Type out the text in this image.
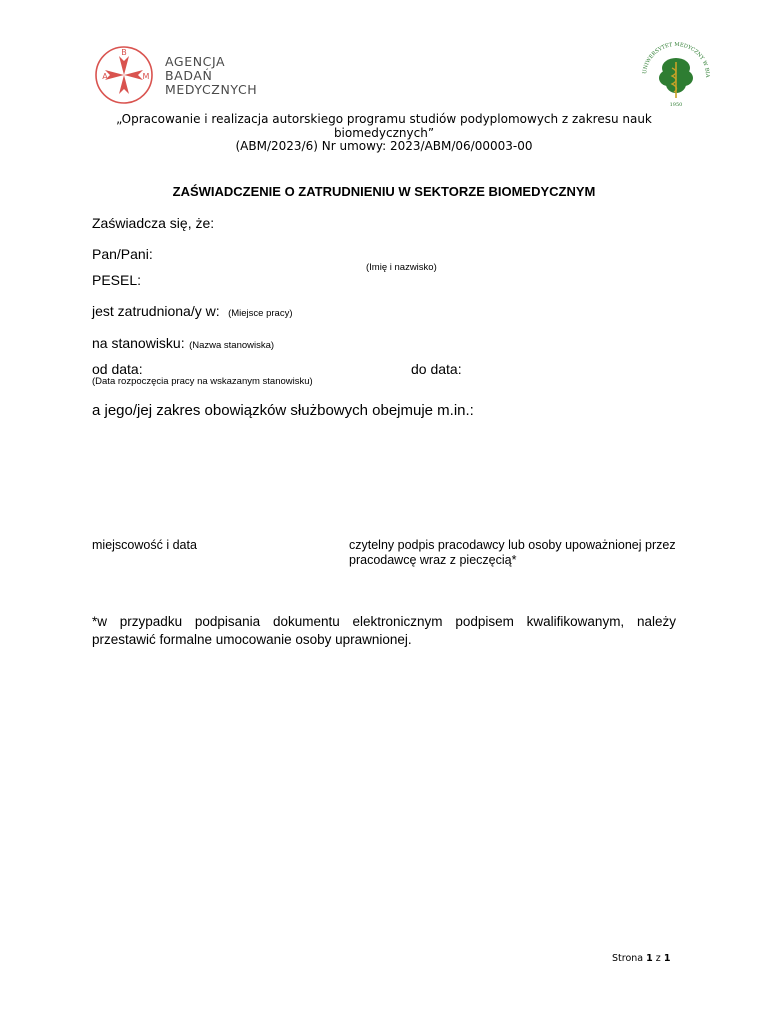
B
A	M
AGENCJA
BADAŃ
MEDYCZNYCH
UNIWERSYTET MEDYCZNY W BIA
1950
„Opracowanie i realizacja autorskiego programu studiów podyplomowych z zakresu nauk
biomedycznych”
(ABM/2023/6) Nr umowy: 2023/ABM/06/00003-00
ZAŚWIADCZENIE O ZATRUDNIENIU W SEKTORZE BIOMEDYCZNYM
Zaświadcza się, że:
Pan/Pani:
(Imię i nazwisko)
PESEL:
jest zatrudniona/y w: (Miejsce pracy)
na stanowisku: (Nazwa stanowiska)
od data:	do data:
(Data rozpoczęcia pracy na wskazanym stanowisku)
a jego/jej zakres obowiązków służbowych obejmuje m.in.:
miejscowość i data	czytelny podpis pracodawcy lub osoby upoważnionej przez
pracodawcę wraz z pieczęcią*
*w przypadku podpisania dokumentu elektronicznym podpisem kwalifikowanym, należy przestawić formalne umocowanie osoby uprawnionej.
Strona 1 z 1
